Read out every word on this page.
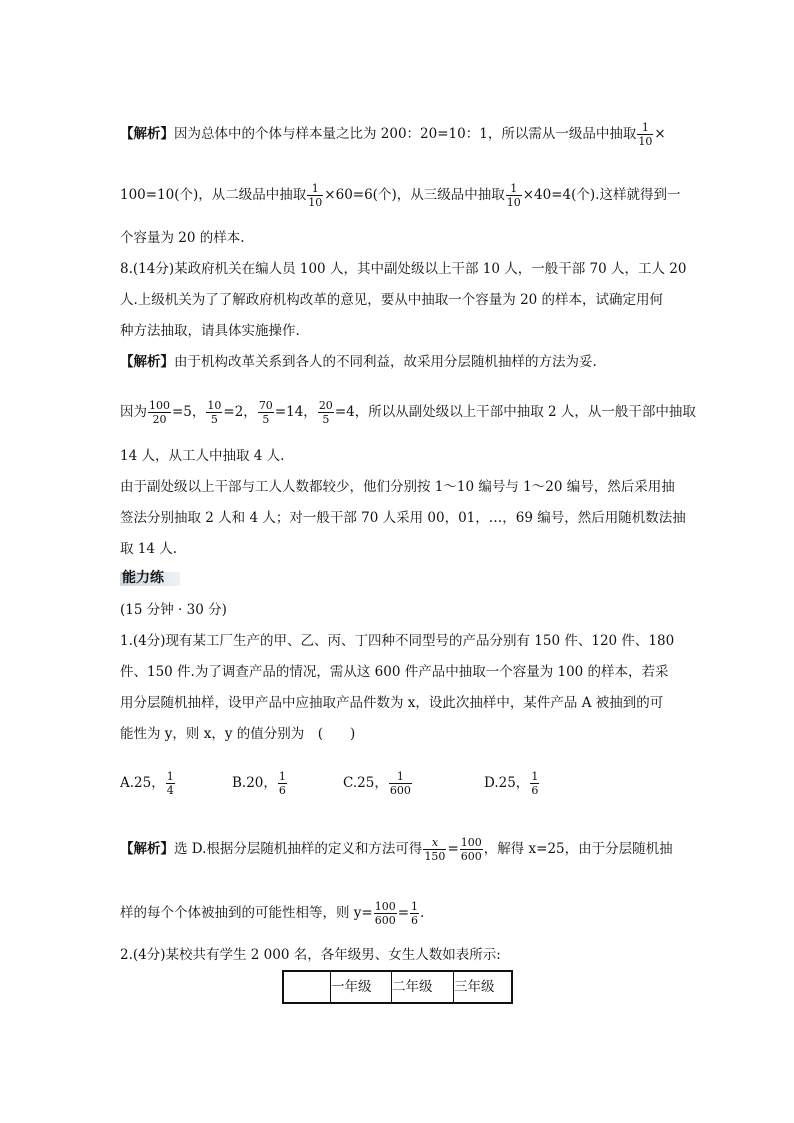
【解析】因为总体中的个体与样本量之比为 200：20=10：1，所以需从一级品中抽取 $\frac{1}{10}$ ×
100=10(个)，从二级品中抽取 $\frac{1}{10} \times 60=6$(个)，从三级品中抽取 $\frac{1}{10} \times 40=4$(个).这样就得到一
个容量为 20 的样本.
8.(14分)某政府机关在编人员 100 人，其中副处级以上干部 10 人，一般干部 70 人，工人 20
人.上级机关为了了解政府机构改革的意见，要从中抽取一个容量为 20 的样本，试确定用何
种方法抽取，请具体实施操作.
【解析】由于机构改革关系到各人的不同利益，故采用分层随机抽样的方法为妥.
因为 $\frac{100}{20} =5$， $\frac{10}{5} =2$， $\frac{70}{5} =14$， $\frac{20}{5} =4$，所以从副处级以上干部中抽取 2 人，从一般干部中抽取
14 人，从工人中抽取 4 人.
由于副处级以上干部与工人人数都较少，他们分别按 1～10 编号与 1～20 编号，然后采用抽
签法分别抽取 2 人和 4 人；对一般干部 70 人采用 00，01，…，69 编号，然后用随机数法抽
取 14 人.
能力练
(15 分钟 · 30 分)
1.(4分)现有某工厂生产的甲、乙、丙、丁四种不同型号的产品分别有 150 件、120 件、180
件、150 件.为了调查产品的情况，需从这 600 件产品中抽取一个容量为 100 的样本，若采
用分层随机抽样，设甲产品中应抽取产品件数为 x，设此次抽样中，某件产品 A 被抽到的可
能性为 y，则 x，y 的值分别为　(　　)
A.25， $\frac{1}{4}$	B.20， $\frac{1}{6}$	C.25， $\frac{1}{600}$	D.25， $\frac{1}{6}$
【解析】选 D.根据分层随机抽样的定义和方法可得 $\frac{x}{150} = \frac{100}{600}$ ，解得 x=25，由于分层随机抽
样的每个个体被抽到的可能性相等，则 $y= \frac{100}{600} = \frac{1}{6}$ .
2.(4分)某校共有学生 2 000 名，各年级男、女生人数如表所示:
	一年级	二年级	三年级
